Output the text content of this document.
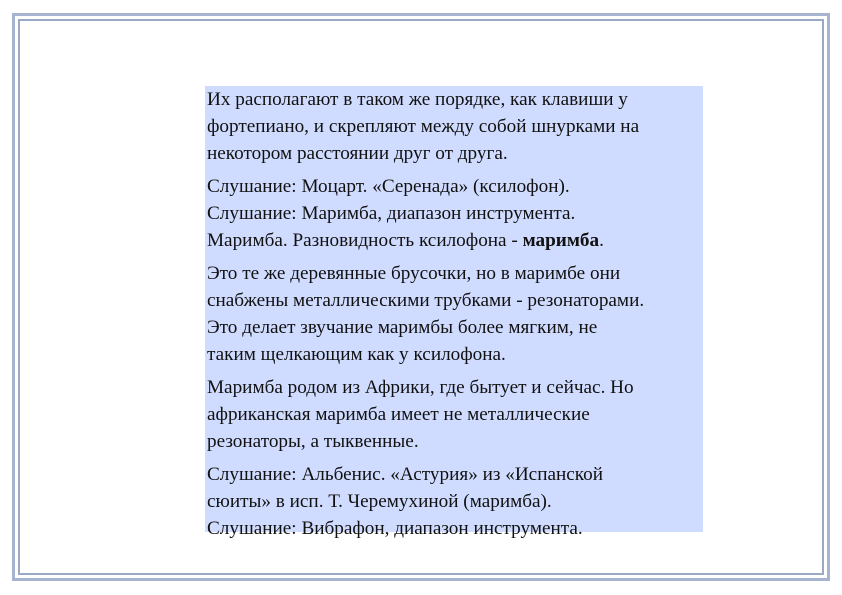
Их располагают в таком же порядке, как клавиши у
фортепиано, и скрепляют между собой шнурками на
некотором расстоянии друг от друга.

Слушание: Моцарт. «Серенада» (ксилофон).
Слушание: Маримба, диапазон инструмента.
Маримба. Разновидность ксилофона - маримба.

Это те же деревянные брусочки, но в маримбе они
снабжены металлическими трубками - резонаторами.
Это делает звучание маримбы более мягким, не
таким щелкающим как у ксилофона.

Маримба родом из Африки, где бытует и сейчас. Но
африканская маримба имеет не металлические
резонаторы, а тыквенные.

Слушание: Альбенис. «Астурия» из «Испанской
сюиты» в исп. Т. Черемухиной (маримба).
Слушание: Вибрафон, диапазон инструмента.
